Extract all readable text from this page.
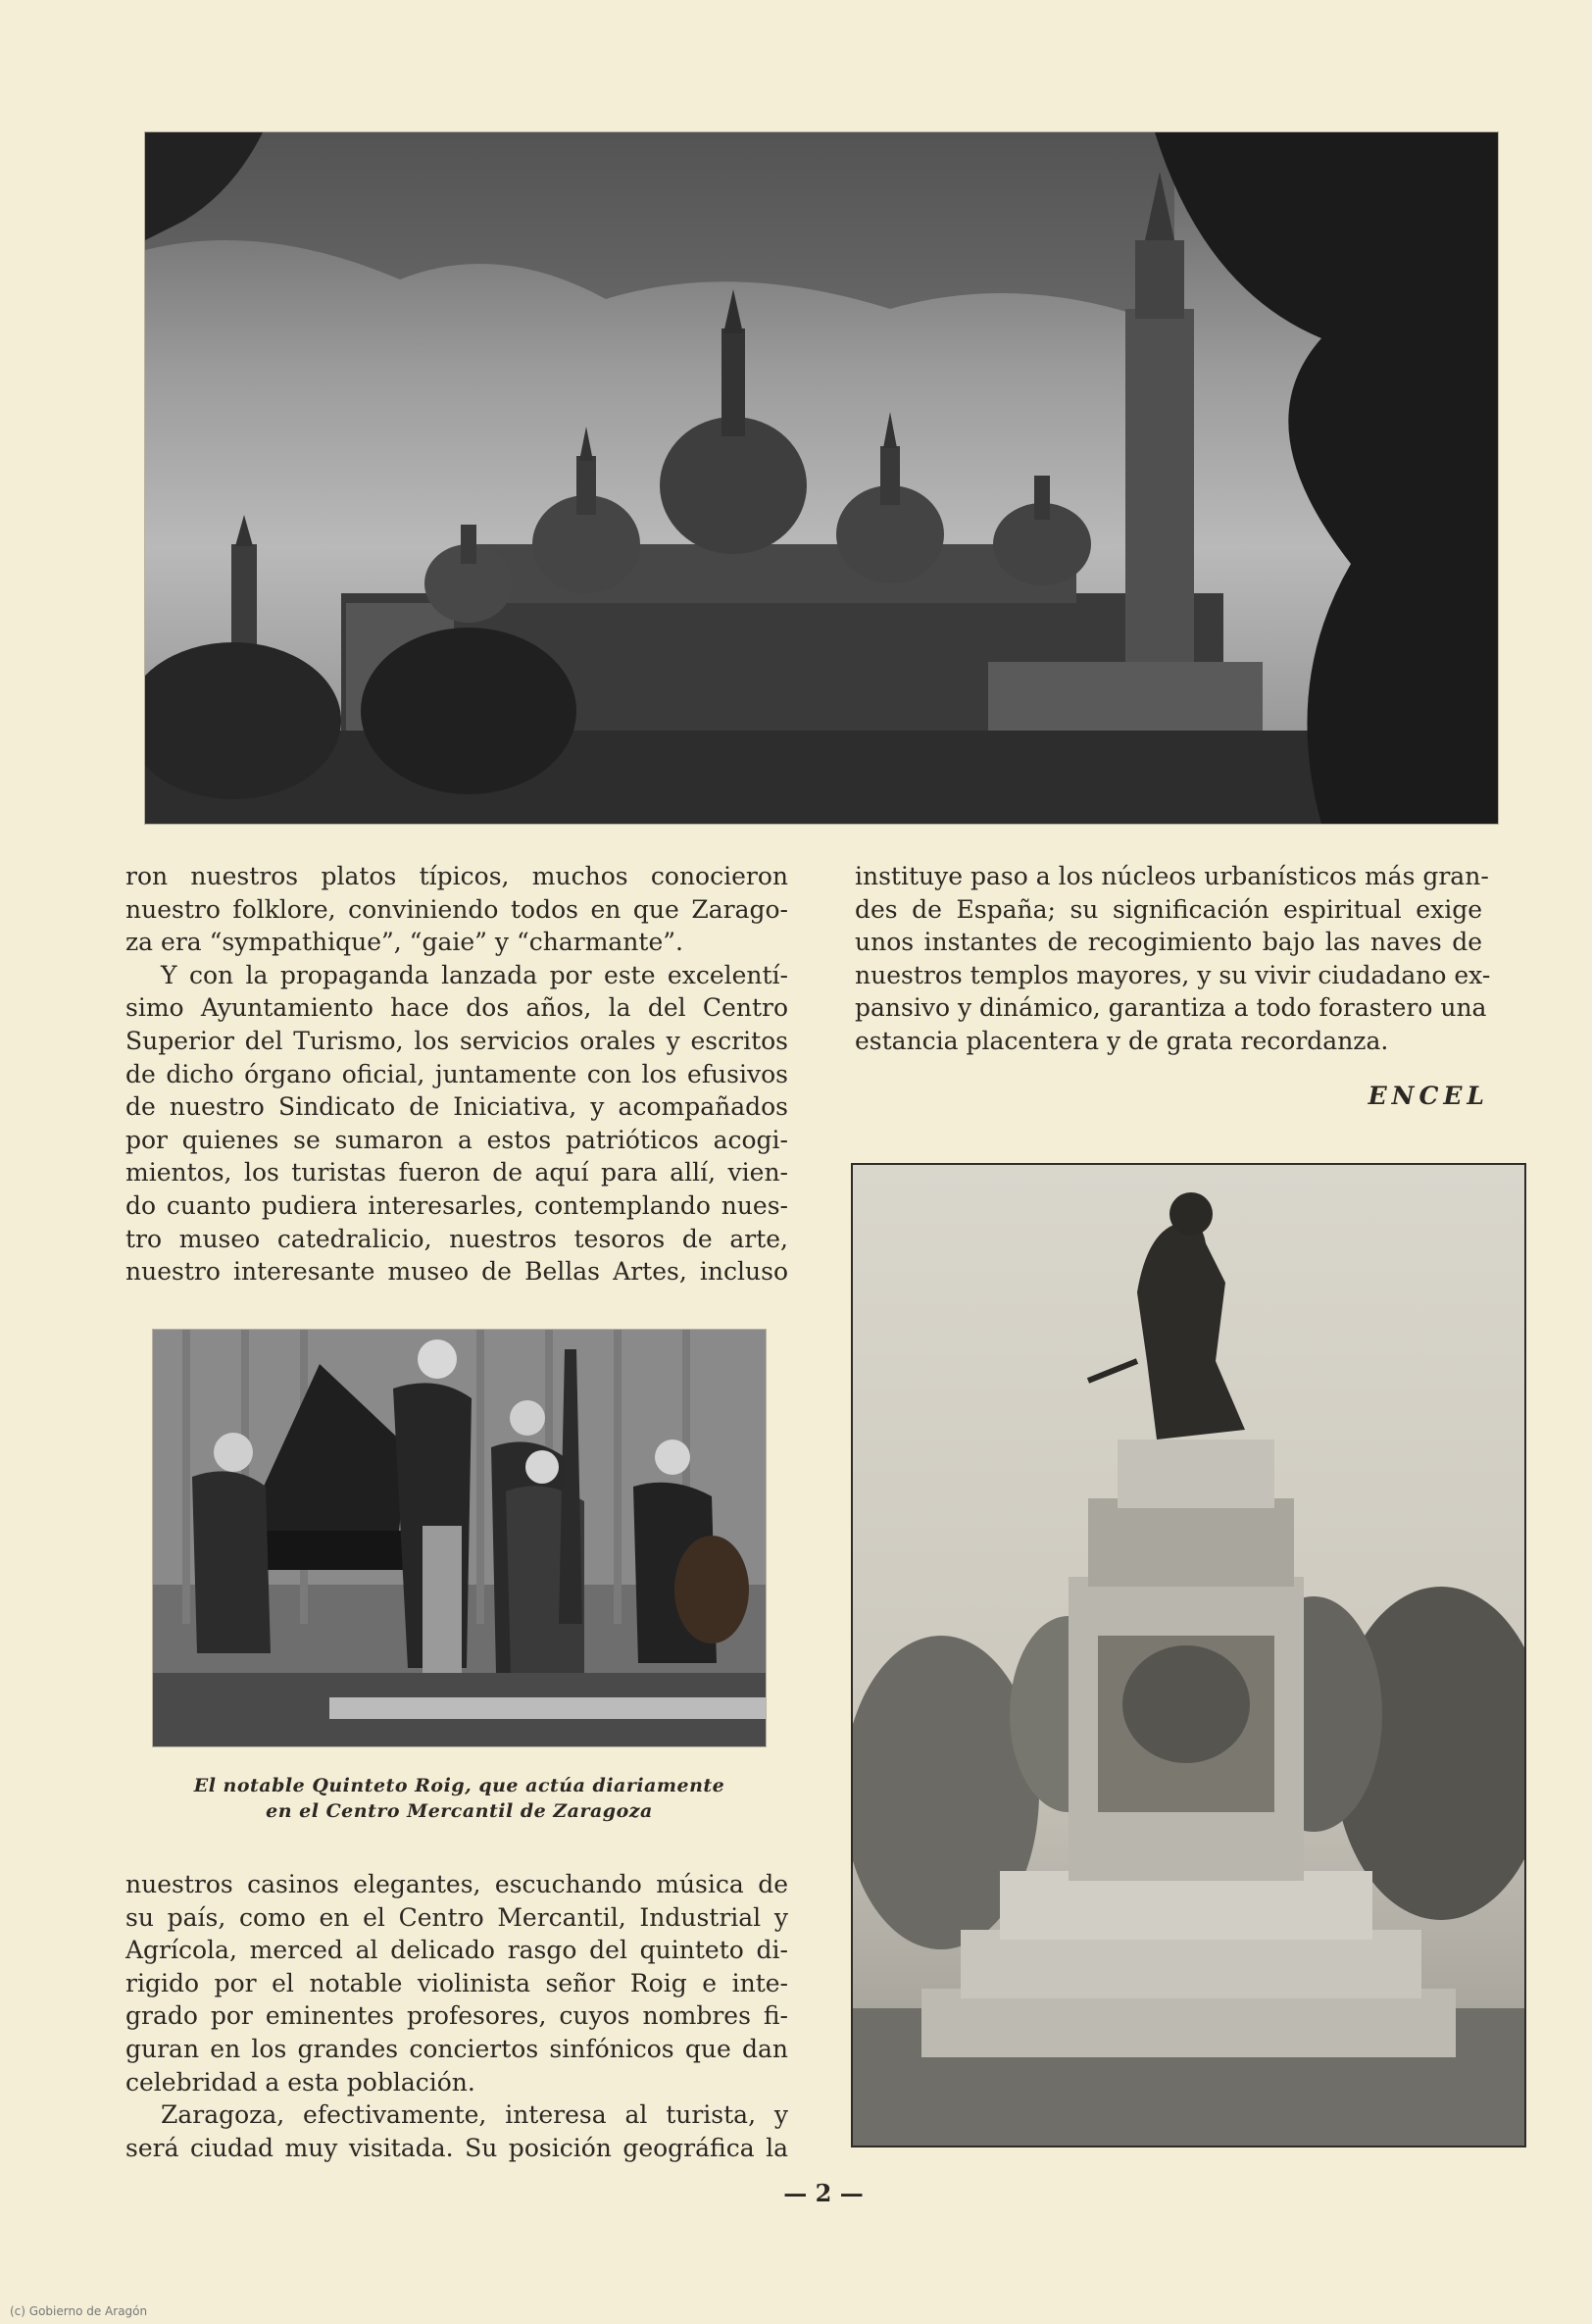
ron nuestros platos típicos, muchos conocieron
nuestro folklore, conviniendo todos en que Zarago-
za era “sympathique”, “gaie” y “charmante”.

Y con la propaganda lanzada por este excelentí-
simo Ayuntamiento hace dos años, la del Centro
Superior del Turismo, los servicios orales y escritos
de dicho órgano oficial, juntamente con los efusivos
de nuestro Sindicato de Iniciativa, y acompañados
por quienes se sumaron a estos patrióticos acogi-
mientos, los turistas fueron de aquí para allí, vien-
do cuanto pudiera interesarles, contemplando nues-
tro museo catedralicio, nuestros tesoros de arte,
nuestro interesante museo de Bellas Artes, incluso

instituye paso a los núcleos urbanísticos más gran-
des de España; su significación espiritual exige
unos instantes de recogimiento bajo las naves de
nuestros templos mayores, y su vivir ciudadano ex-
pansivo y dinámico, garantiza a todo forastero una
estancia placentera y de grata recordanza.

ENCEL
El notable Quinteto Roig, que actúa diariamente
en el Centro Mercantil de Zaragoza

nuestros casinos elegantes, escuchando música de
su país, como en el Centro Mercantil, Industrial y
Agrícola, merced al delicado rasgo del quinteto di-
rigido por el notable violinista señor Roig e inte-
grado por eminentes profesores, cuyos nombres fi-
guran en los grandes conciertos sinfónicos que dan
celebridad a esta población.

Zaragoza, efectivamente, interesa al turista, y
será ciudad muy visitada. Su posición geográfica la

— 2 —
(c) Gobierno de Aragón
